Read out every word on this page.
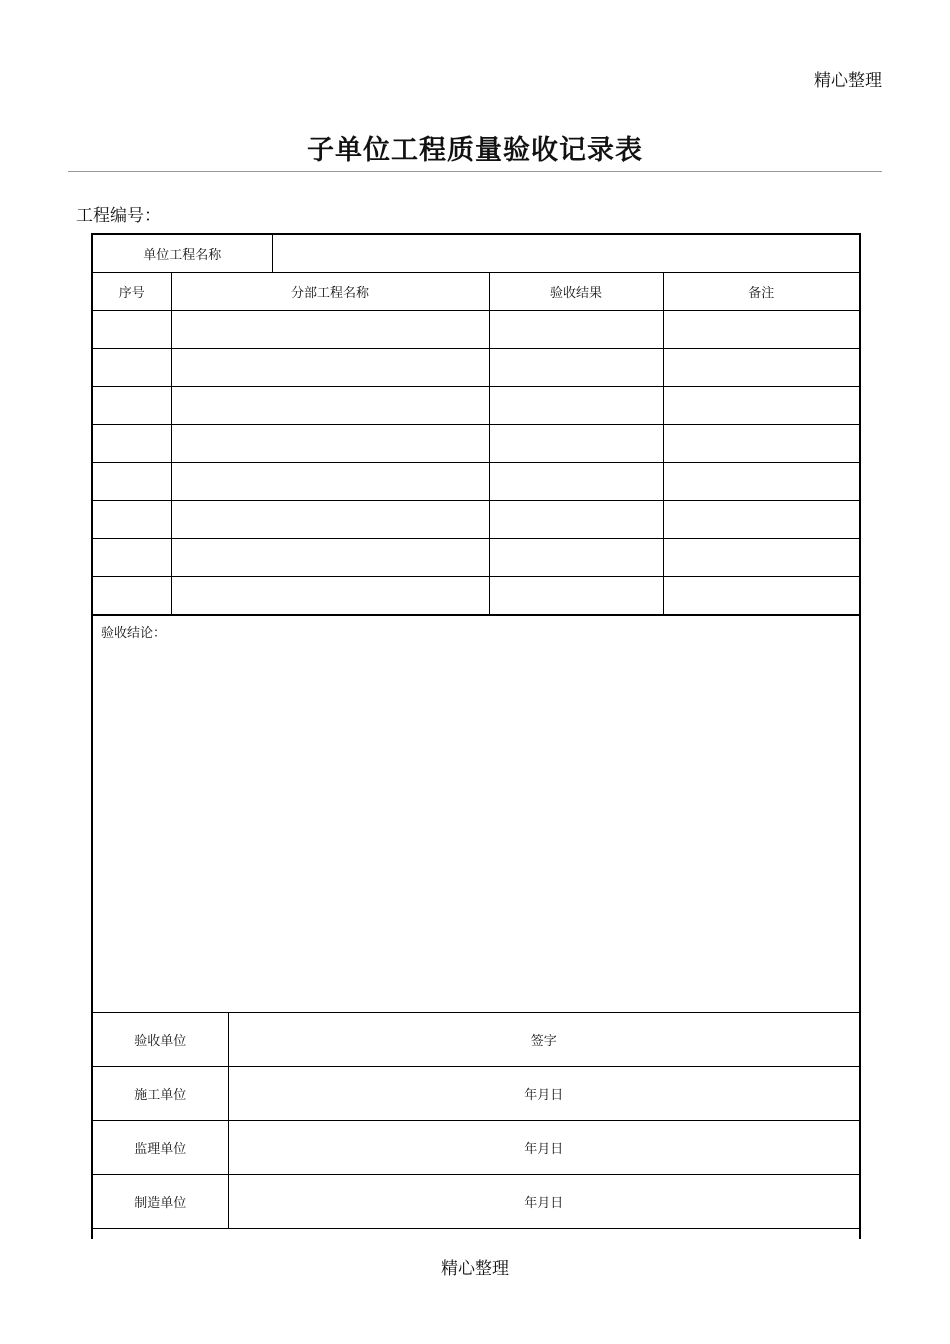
精心整理
子单位工程质量验收记录表
工程编号：
单位工程名称				
序号	分部工程名称		验收结果	备注

验收结论：
验收单位	签字
施工单位	年月日
监理单位	年月日
制造单位	年月日
精心整理
